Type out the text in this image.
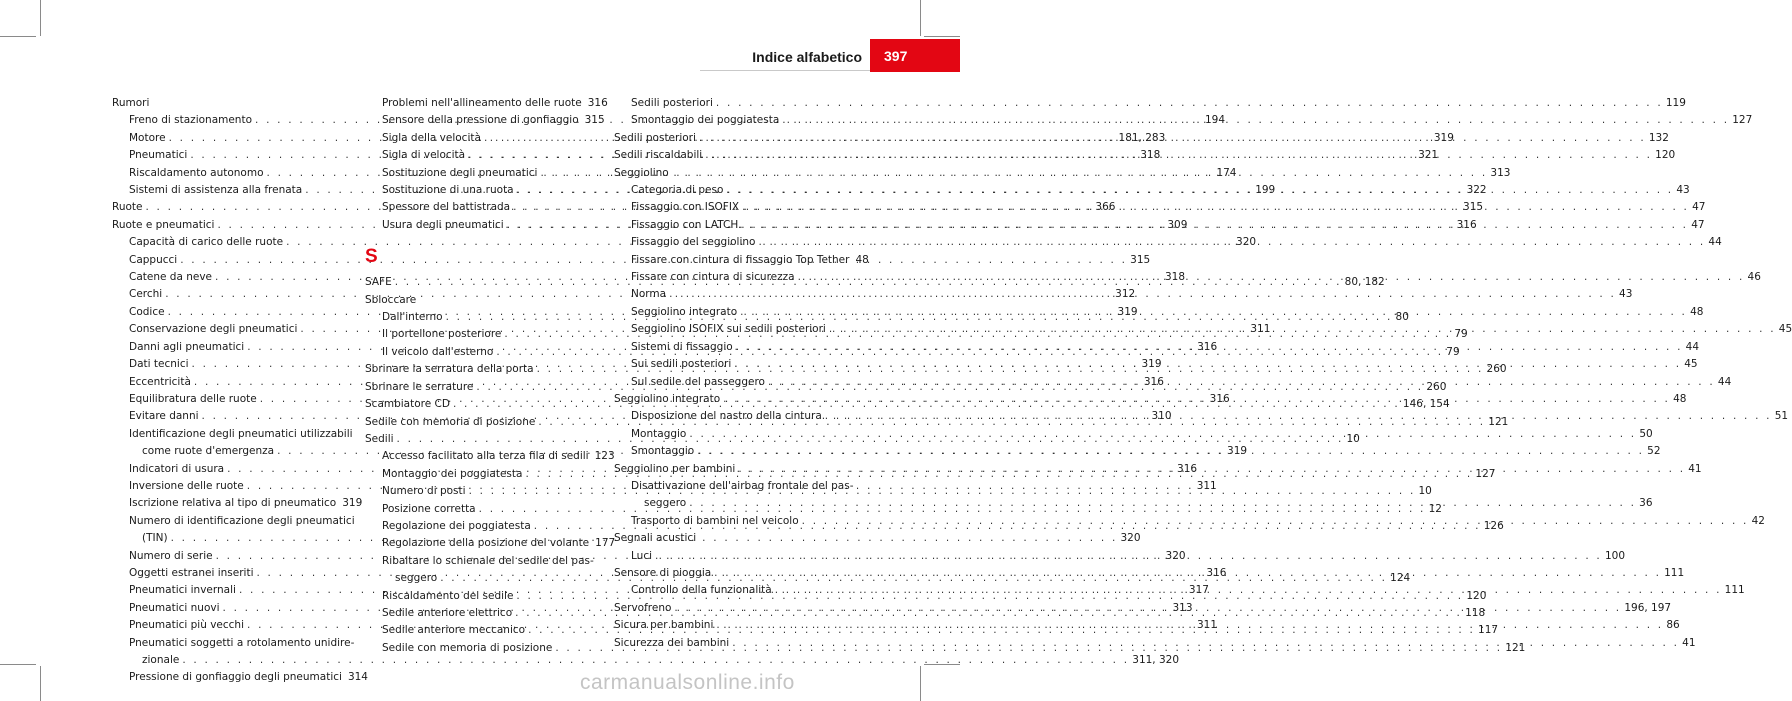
Indice alfabetico 397
Rumori
Freno di stazionamento . . .	194
Motore . . .	181, 283
Pneumatici . . .	318
Riscaldamento autonomo . . .	174
Sistemi di assistenza alla frenata . . .	199
Ruote . . .	366
Ruote e pneumatici . . .	309
Capacità di carico delle ruote . . .	320
Cappucci . . .	315
Catene da neve . . .	318
Cerchi . . .	312
Codice . . .	319
Conservazione degli pneumatici . . .	311
Danni agli pneumatici . . .	316
Dati tecnici . . .	319
Eccentricità . . .	316
Equilibratura delle ruote . . .	316
Evitare danni . . .	310
Identificazione degli pneumatici utilizzabili
come ruote d'emergenza . . .	319
Indicatori di usura . . .	316
Inversione delle ruote . . .	311
Iscrizione relativa al tipo di pneumatico 319
Numero di identificazione degli pneumatici
(TIN) . . .	320
Numero di serie . . .	320
Oggetti estranei inseriti . . .	316
Pneumatici invernali . . .	317
Pneumatici nuovi . . .	313
Pneumatici più vecchi . . .	311
Pneumatici soggetti a rotolamento unidire-
zionale . . .	311, 320
Pressione di gonfiaggio degli pneumatici 314
Problemi nell'allineamento delle ruote 316
Sensore della pressione di gonfiaggio 315
Sigla della velocità . . .	319
Sigla di velocità . . .	321
Sostituzione degli pneumatici . . .	313
Sostituzione di una ruota . . .	322
Spessore del battistrada . . .	315
Usura degli pneumatici . . .	316
S
SAFE . . .	80, 182
Sbloccare
Dall'interno . . .	80
Il portellone posteriore . . .	79
Il veicolo dall'esterno . . .	79
Sbrinare la serratura della porta . . .	260
Sbrinare le serrature . . .	260
Scambiatore CD . . .	146, 154
Sedile con memoria di posizione . . .	121
Sedili . . .	10
Accesso facilitato alla terza fila di sedili 123
Montaggio dei poggiatesta . . .	127
Numero di posti . . .	10
Posizione corretta . . .	12
Regolazione dei poggiatesta . . .	126
Regolazione della posizione del volante 177
Ribaltare lo schienale del sedile del pas-
seggero . . .	124
Riscaldamento del sedile . . .	120
Sedile anteriore elettrico . . .	118
Sedile anteriore meccanico . . .	117
Sedile con memoria di posizione . . .	121
Sedili posteriori . . .	119
Smontaggio dei poggiatesta . . .	127
Sedili posteriori . . .	132
Sedili riscaldabili . . .	120
Seggiolino
Categoria di peso . . .	43
Fissaggio con ISOFIX . . .	47
Fissaggio con LATCH . . .	47
Fissaggio del seggiolino . . .	44
Fissare con cintura di fissaggio Top Tether 48
Fissare con cintura di sicurezza . . .	46
Norma . . .	43
Seggiolino integrato . . .	48
Seggiolino ISOFIX sui sedili posteriori . . .	45
Sistemi di fissaggio . . .	44
Sui sedili posteriori . . .	45
Sul sedile del passeggero . . .	44
Seggiolino integrato . . .	48
Disposizione del nastro della cintura . . .	51
Montaggio . . .	50
Smontaggio . . .	52
Seggiolino per bambini . . .	41
Disattivazione dell'airbag frontale del pas-
seggero . . .	36
Trasporto di bambini nel veicolo . . .	42
Segnali acustici
Luci . . .	100
Sensore di pioggia . . .	111
Controllo della funzionalità . . .	111
Servofreno . . .	196, 197
Sicura per bambini . . .	86
Sicurezza dei bambini . . .	41
carmanualsonline.info
